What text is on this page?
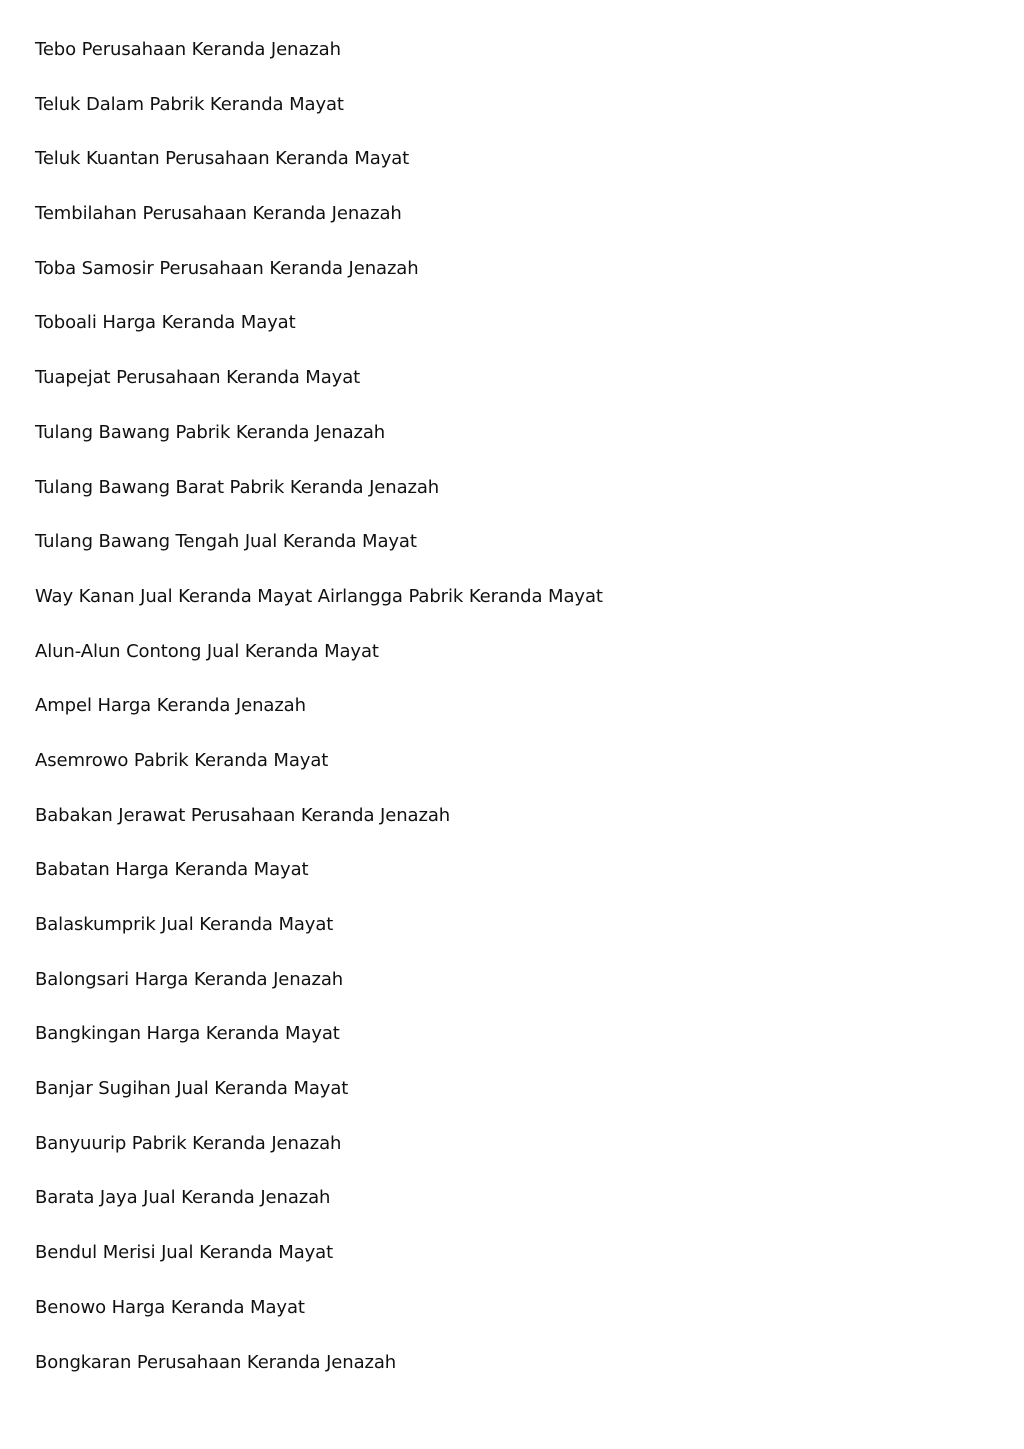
Tebo Perusahaan Keranda Jenazah
Teluk Dalam Pabrik Keranda Mayat
Teluk Kuantan Perusahaan Keranda Mayat
Tembilahan Perusahaan Keranda Jenazah
Toba Samosir Perusahaan Keranda Jenazah
Toboali Harga Keranda Mayat
Tuapejat Perusahaan Keranda Mayat
Tulang Bawang Pabrik Keranda Jenazah
Tulang Bawang Barat Pabrik Keranda Jenazah
Tulang Bawang Tengah Jual Keranda Mayat
Way Kanan Jual Keranda Mayat Airlangga Pabrik Keranda Mayat
Alun-Alun Contong Jual Keranda Mayat
Ampel Harga Keranda Jenazah
Asemrowo Pabrik Keranda Mayat
Babakan Jerawat Perusahaan Keranda Jenazah
Babatan Harga Keranda Mayat
Balaskumprik Jual Keranda Mayat
Balongsari Harga Keranda Jenazah
Bangkingan Harga Keranda Mayat
Banjar Sugihan Jual Keranda Mayat
Banyuurip Pabrik Keranda Jenazah
Barata Jaya Jual Keranda Jenazah
Bendul Merisi Jual Keranda Mayat
Benowo Harga Keranda Mayat
Bongkaran Perusahaan Keranda Jenazah
